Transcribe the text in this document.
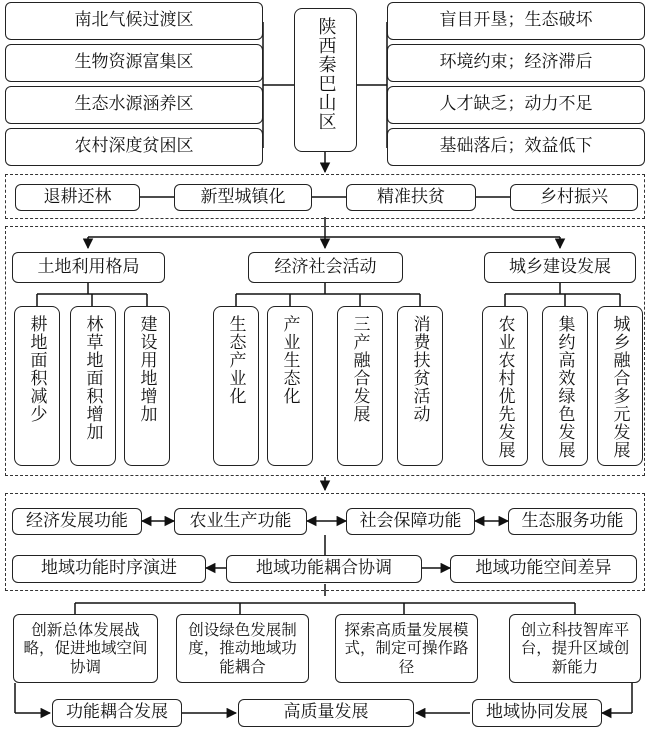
南北气候过渡区
生物资源富集区
生态水源涵养区
农村深度贫困区
陕西秦巴山区	盲目开垦；生态破坏
环境约束；经济滞后
人才缺乏；动力不足
基础落后；效益低下
退耕还林	新型城镇化	精准扶贫	乡村振兴
土地利用格局	经济社会活动	城乡建设发展
耕地面积减少 林草地面积增加 建设用地增加	生态产业化 产业生态化	三产融合发展 消费扶贫活动	农业农村优先发展 集约高效绿色发展 城乡融合多元发展
经济发展功能	农业生产功能	社会保障功能	生态服务功能
地域功能时序演进	地域功能耦合协调	地域功能空间差异
创新总体发展战略，促进地域空间协调
创设绿色发展制度，推动地域功能耦合
探索高质量发展模式，制定可操作路径
创立科技智库平台，提升区域创新能力
功能耦合发展	高质量发展	地域协同发展
